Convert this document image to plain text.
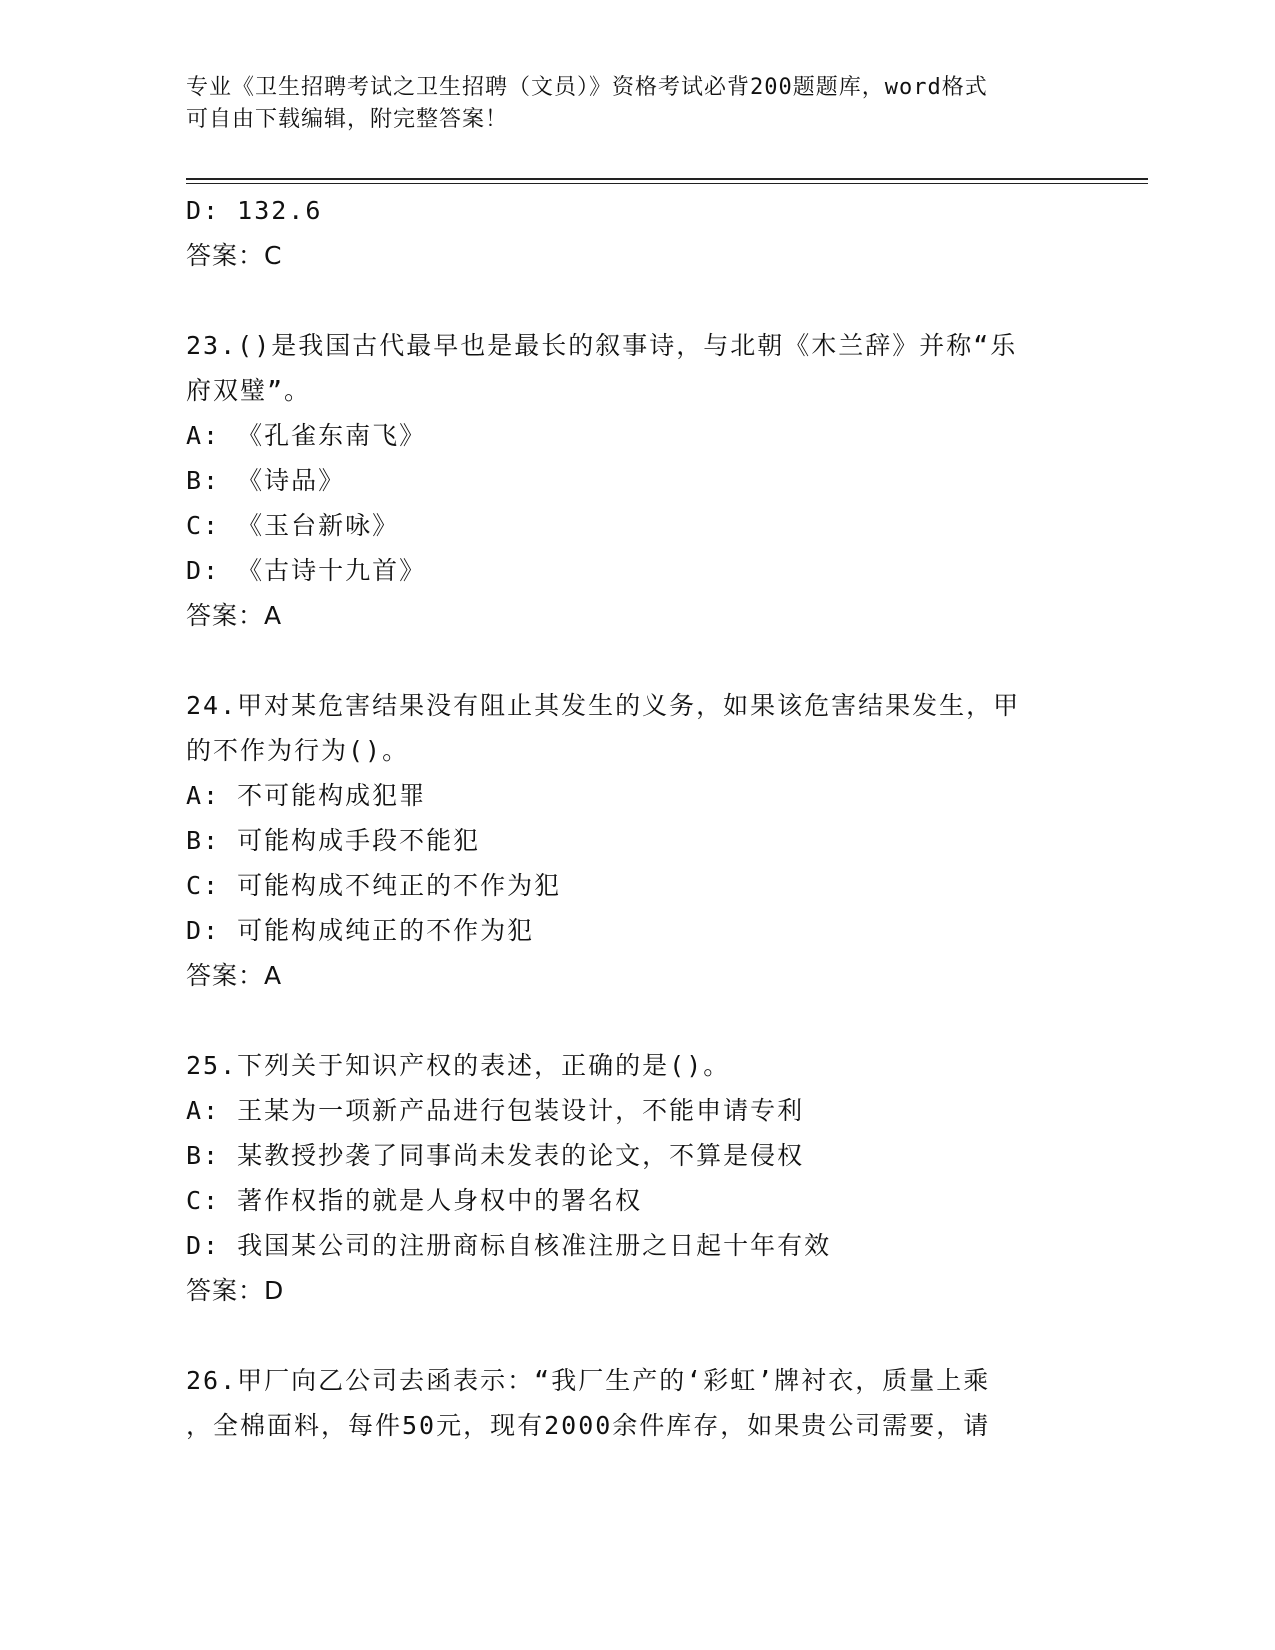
专业《卫生招聘考试之卫生招聘（文员）》资格考试必背200题题库，word格式
可自由下载编辑，附完整答案！
D: 132.6
答案：C
23.()是我国古代最早也是最长的叙事诗，与北朝《木兰辞》并称“乐
府双璧”。
A: 《孔雀东南飞》
B: 《诗品》
C: 《玉台新咏》
D: 《古诗十九首》
答案：A
24.甲对某危害结果没有阻止其发生的义务，如果该危害结果发生，甲
的不作为行为()。
A: 不可能构成犯罪
B: 可能构成手段不能犯
C: 可能构成不纯正的不作为犯
D: 可能构成纯正的不作为犯
答案：A
25.下列关于知识产权的表述，正确的是()。
A: 王某为一项新产品进行包装设计，不能申请专利
B: 某教授抄袭了同事尚未发表的论文，不算是侵权
C: 著作权指的就是人身权中的署名权
D: 我国某公司的注册商标自核准注册之日起十年有效
答案：D
26.甲厂向乙公司去函表示：“我厂生产的‘彩虹’牌衬衣，质量上乘
，全棉面料，每件50元，现有2000余件库存，如果贵公司需要，请
